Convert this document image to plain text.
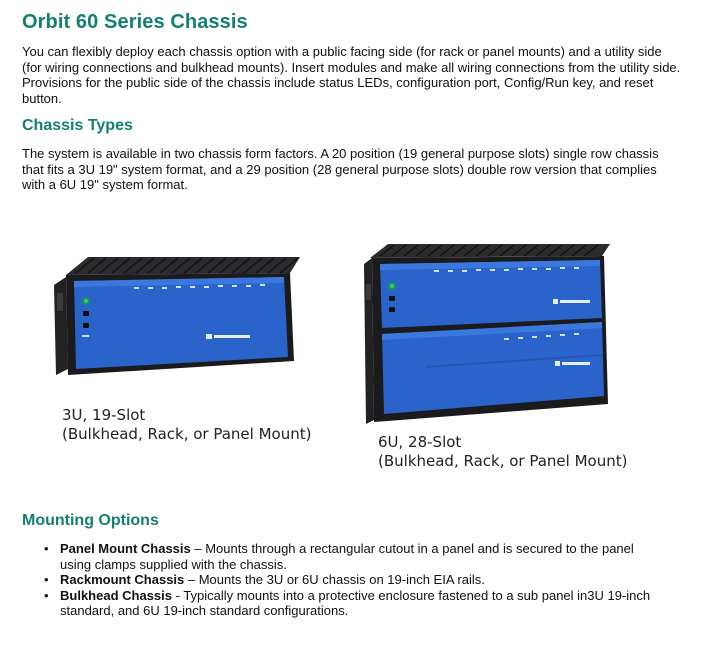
Orbit 60 Series Chassis

You can flexibly deploy each chassis option with a public facing side (for rack or panel mounts) and a utility side (for wiring connections and bulkhead mounts). Insert modules and make all wiring connections from the utility side. Provisions for the public side of the chassis include status LEDs, configuration port, Config/Run key, and reset button.

Chassis Types

The system is available in two chassis form factors. A 20 position (19 general purpose slots) single row chassis that fits a 3U 19" system format, and a 29 position (28 general purpose slots) double row version that complies with a 6U 19" system format.

3U, 19-Slot
(Bulkhead, Rack, or Panel Mount)	6U, 28-Slot
(Bulkhead, Rack, or Panel Mount)
Mounting Options
• Panel Mount Chassis – Mounts through a rectangular cutout in a panel and is secured to the panel using clamps supplied with the chassis.
• Rackmount Chassis – Mounts the 3U or 6U chassis on 19-inch EIA rails.
• Bulkhead Chassis - Typically mounts into a protective enclosure fastened to a sub panel in3U 19-inch standard, and 6U 19-inch standard configurations.
